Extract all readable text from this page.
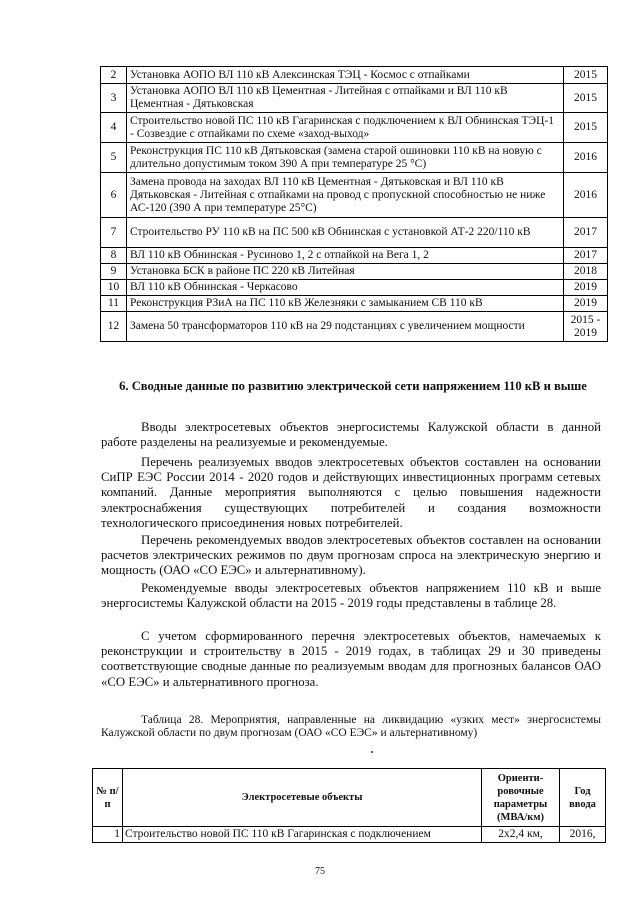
2	Установка АОПО ВЛ 110 кВ Алексинская ТЭЦ - Космос с отпайками	2015
3	Установка АОПО ВЛ 110 кВ Цементная - Литейная с отпайками и ВЛ 110 кВ Цементная - Дятьковская	2015
4	Строительство новой ПС 110 кВ Гагаринская с подключением к ВЛ Обнинская ТЭЦ-1 - Созвездие с отпайками по схеме «заход-выход»	2015
5	Реконструкция ПС 110 кВ Дятьковская (замена старой ошиновки 110 кВ на новую с длительно допустимым током 390 А при температуре 25 °С)	2016
6	Замена провода на заходах ВЛ 110 кВ Цементная - Дятьковская и ВЛ 110 кВ Дятьковская - Литейная с отпайками на провод с пропускной способностью не ниже АС-120 (390 А при температуре 25°С)	2016
7	Строительство РУ 110 кВ на ПС 500 кВ Обнинская с установкой АТ-2 220/110 кВ	2017
8	ВЛ 110 кВ Обнинская - Русиново 1, 2 с отпайкой на Вега 1, 2	2017
9	Установка БСК в районе ПС 220 кВ Литейная	2018
10	ВЛ 110 кВ Обнинская - Черкасово	2019
11	Реконструкция РЗиА на ПС 110 кВ Железняки с замыканием СВ 110 кВ	2019
12	Замена 50 трансформаторов 110 кВ на 29 подстанциях с увеличением мощности	2015 - 2019
6. Сводные данные по развитию электрической сети напряжением 110 кВ и выше

Вводы электросетевых объектов энергосистемы Калужской области в данной работе разделены на реализуемые и рекомендуемые.

Перечень реализуемых вводов электросетевых объектов составлен на основании СиПР ЕЭС России 2014 - 2020 годов и действующих инвестиционных программ сетевых компаний. Данные мероприятия выполняются с целью повышения надежности электроснабжения существующих потребителей и создания возможности технологического присоединения новых потребителей.

Перечень рекомендуемых вводов электросетевых объектов составлен на основании расчетов электрических режимов по двум прогнозам спроса на электрическую энергию и мощность (ОАО «СО ЕЭС» и альтернативному).

Рекомендуемые вводы электросетевых объектов напряжением 110 кВ и выше энергосистемы Калужской области на 2015 - 2019 годы представлены в таблице 28.

С учетом сформированного перечня электросетевых объектов, намечаемых к реконструкции и строительству в 2015 - 2019 годах, в таблицах 29 и 30 приведены соответствующие сводные данные по реализуемым вводам для прогнозных балансов ОАО «СО ЕЭС» и альтернативного прогноза.

Таблица 28. Мероприятия, направленные на ликвидацию «узких мест» энергосистемы Калужской области по двум прогнозам (ОАО «СО ЕЭС» и альтернативному)

№ п/п	Электросетевые объекты	Ориенти-ровочные параметры (МВА/км)	Год ввода
1	Строительство новой ПС 110 кВ Гагаринская с подключением	2х2,4 км,	2016,
75
